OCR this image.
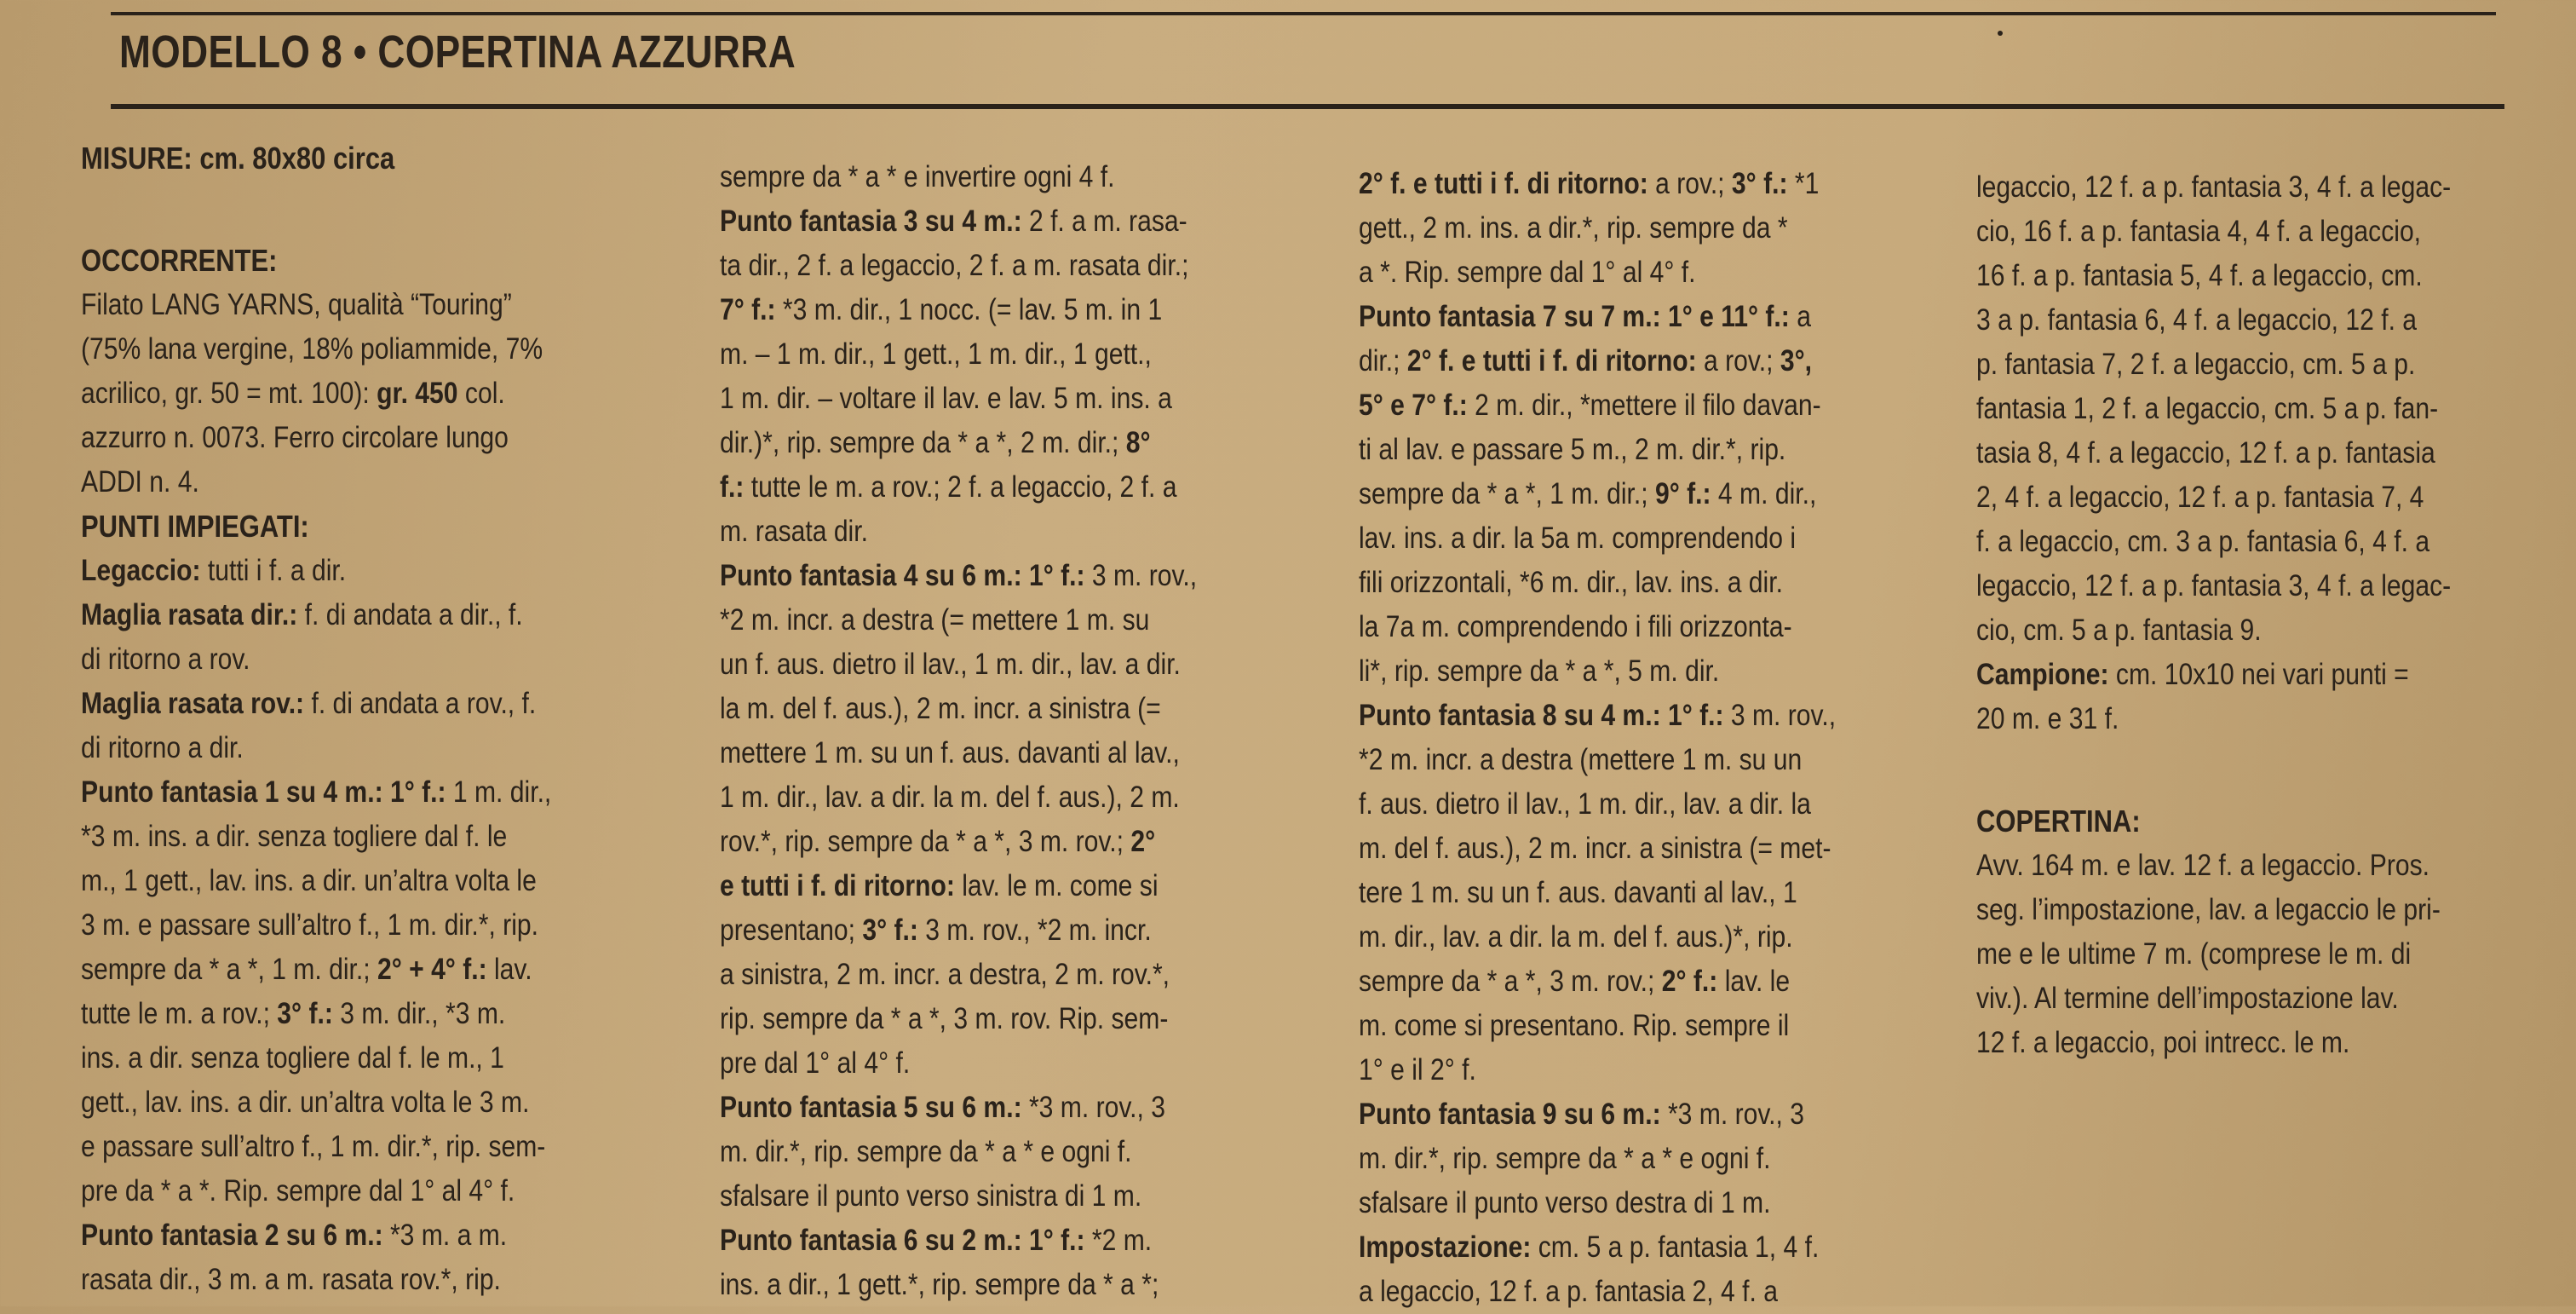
MODELLO 8 • COPERTINA AZZURRA

MISURE: cm. 80x80 circa

OCCORRENTE:

Filato LANG YARNS, qualità “Touring”

(75% lana vergine, 18% poliammide, 7%

acrilico, gr. 50 = mt. 100): gr. 450 col.

azzurro n. 0073. Ferro circolare lungo

ADDI n. 4.

PUNTI IMPIEGATI:

Legaccio: tutti i f. a dir.

Maglia rasata dir.: f. di andata a dir., f.

di ritorno a rov.

Maglia rasata rov.: f. di andata a rov., f.

di ritorno a dir.

Punto fantasia 1 su 4 m.: 1° f.: 1 m. dir.,

*3 m. ins. a dir. senza togliere dal f. le

m., 1 gett., lav. ins. a dir. un’altra volta le

3 m. e passare sull’altro f., 1 m. dir.*, rip.

sempre da * a *, 1 m. dir.; 2° + 4° f.: lav.

tutte le m. a rov.; 3° f.: 3 m. dir., *3 m.

ins. a dir. senza togliere dal f. le m., 1

gett., lav. ins. a dir. un’altra volta le 3 m.

e passare sull’altro f., 1 m. dir.*, rip. sem-

pre da * a *. Rip. sempre dal 1° al 4° f.

Punto fantasia 2 su 6 m.: *3 m. a m.

rasata dir., 3 m. a m. rasata rov.*, rip.

sempre da * a * e invertire ogni 4 f.

Punto fantasia 3 su 4 m.: 2 f. a m. rasa-

ta dir., 2 f. a legaccio, 2 f. a m. rasata dir.;

7° f.: *3 m. dir., 1 nocc. (= lav. 5 m. in 1

m. – 1 m. dir., 1 gett., 1 m. dir., 1 gett.,

1 m. dir. – voltare il lav. e lav. 5 m. ins. a

dir.)*, rip. sempre da * a *, 2 m. dir.; 8°

f.: tutte le m. a rov.; 2 f. a legaccio, 2 f. a

m. rasata dir.

Punto fantasia 4 su 6 m.: 1° f.: 3 m. rov.,

*2 m. incr. a destra (= mettere 1 m. su

un f. aus. dietro il lav., 1 m. dir., lav. a dir.

la m. del f. aus.), 2 m. incr. a sinistra (=

mettere 1 m. su un f. aus. davanti al lav.,

1 m. dir., lav. a dir. la m. del f. aus.), 2 m.

rov.*, rip. sempre da * a *, 3 m. rov.; 2°

e tutti i f. di ritorno: lav. le m. come si

presentano; 3° f.: 3 m. rov., *2 m. incr.

a sinistra, 2 m. incr. a destra, 2 m. rov.*,

rip. sempre da * a *, 3 m. rov. Rip. sem-

pre dal 1° al 4° f.

Punto fantasia 5 su 6 m.: *3 m. rov., 3

m. dir.*, rip. sempre da * a * e ogni f.

sfalsare il punto verso sinistra di 1 m.

Punto fantasia 6 su 2 m.: 1° f.: *2 m.

ins. a dir., 1 gett.*, rip. sempre da * a *;

2° f. e tutti i f. di ritorno: a rov.; 3° f.: *1

gett., 2 m. ins. a dir.*, rip. sempre da *

a *. Rip. sempre dal 1° al 4° f.

Punto fantasia 7 su 7 m.: 1° e 11° f.: a

dir.; 2° f. e tutti i f. di ritorno: a rov.; 3°,

5° e 7° f.: 2 m. dir., *mettere il filo davan-

ti al lav. e passare 5 m., 2 m. dir.*, rip.

sempre da * a *, 1 m. dir.; 9° f.: 4 m. dir.,

lav. ins. a dir. la 5a m. comprendendo i

fili orizzontali, *6 m. dir., lav. ins. a dir.

la 7a m. comprendendo i fili orizzonta-

li*, rip. sempre da * a *, 5 m. dir.

Punto fantasia 8 su 4 m.: 1° f.: 3 m. rov.,

*2 m. incr. a destra (mettere 1 m. su un

f. aus. dietro il lav., 1 m. dir., lav. a dir. la

m. del f. aus.), 2 m. incr. a sinistra (= met-

tere 1 m. su un f. aus. davanti al lav., 1

m. dir., lav. a dir. la m. del f. aus.)*, rip.

sempre da * a *, 3 m. rov.; 2° f.: lav. le

m. come si presentano. Rip. sempre il

1° e il 2° f.

Punto fantasia 9 su 6 m.: *3 m. rov., 3

m. dir.*, rip. sempre da * a * e ogni f.

sfalsare il punto verso destra di 1 m.

Impostazione: cm. 5 a p. fantasia 1, 4 f.

a legaccio, 12 f. a p. fantasia 2, 4 f. a

legaccio, 12 f. a p. fantasia 3, 4 f. a legac-

cio, 16 f. a p. fantasia 4, 4 f. a legaccio,

16 f. a p. fantasia 5, 4 f. a legaccio, cm.

3 a p. fantasia 6, 4 f. a legaccio, 12 f. a

p. fantasia 7, 2 f. a legaccio, cm. 5 a p.

fantasia 1, 2 f. a legaccio, cm. 5 a p. fan-

tasia 8, 4 f. a legaccio, 12 f. a p. fantasia

2, 4 f. a legaccio, 12 f. a p. fantasia 7, 4

f. a legaccio, cm. 3 a p. fantasia 6, 4 f. a

legaccio, 12 f. a p. fantasia 3, 4 f. a legac-

cio, cm. 5 a p. fantasia 9.

Campione: cm. 10x10 nei vari punti =

20 m. e 31 f.

COPERTINA:

Avv. 164 m. e lav. 12 f. a legaccio. Pros.

seg. l’impostazione, lav. a legaccio le pri-

me e le ultime 7 m. (comprese le m. di

viv.). Al termine dell’impostazione lav.

12 f. a legaccio, poi intrecc. le m.
